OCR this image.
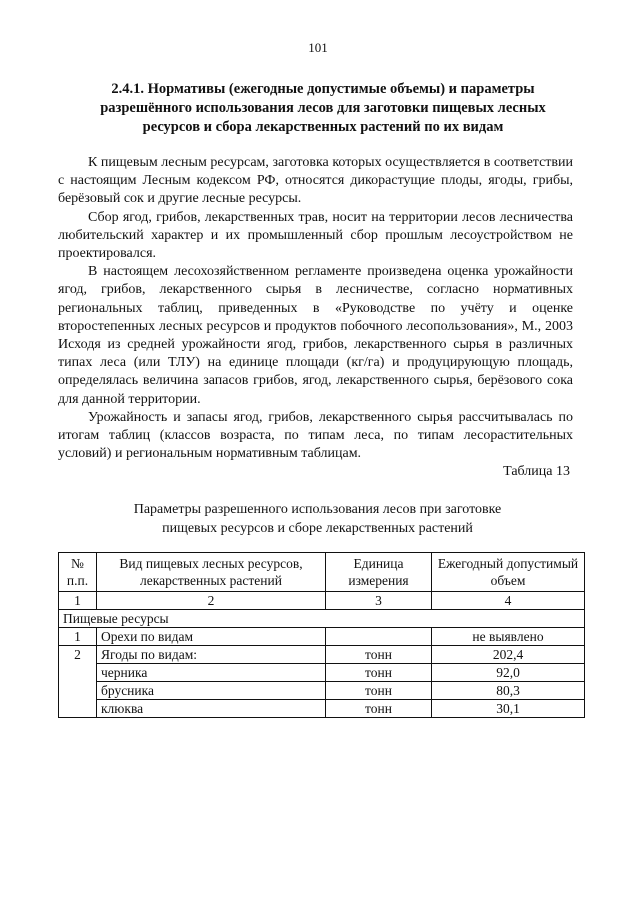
101
2.4.1. Нормативы (ежегодные допустимые объемы) и параметры разрешённого использования лесов для заготовки пищевых лесных ресурсов и сбора лекарственных растений по их видам

К пищевым лесным ресурсам, заготовка которых осуществляется в соответствии с настоящим Лесным кодексом РФ, относятся дикорастущие плоды, ягоды, грибы, берёзовый сок и другие лесные ресурсы.

Сбор ягод, грибов, лекарственных трав, носит на территории лесов лесничества любительский характер и их промышленный сбор прошлым лесоустройством не проектировался.

В настоящем лесохозяйственном регламенте произведена оценка урожайности ягод, грибов, лекарственного сырья в лесничестве, согласно нормативных региональных таблиц, приведенных в «Руководстве по учёту и оценке второстепенных лесных ресурсов и продуктов побочного лесопользования», М., 2003 Исходя из средней урожайности ягод, грибов, лекарственного сырья в различных типах леса (или ТЛУ) на единице площади (кг/га) и продуцирующую площадь, определялась величина запасов грибов, ягод, лекарственного сырья, берёзового сока для данной территории.

Урожайность и запасы ягод, грибов, лекарственного сырья рассчитывалась по итогам таблиц (классов возраста, по типам леса, по типам лесорастительных условий) и региональным нормативным таблицам.

Таблица 13
Параметры разрешенного использования лесов при заготовке
пищевых ресурсов и сборе лекарственных растений
№ п.п.	Вид пищевых лесных ресурсов, лекарственных растений	Единица измерения	Ежегодный допустимый объем
1	2	3	4
Пищевые ресурсы			
1	Орехи по видам		не выявлено
2	Ягоды по видам:	тонн	202,4
	черника	тонн	92,0
	брусника	тонн	80,3
	клюква	тонн	30,1
